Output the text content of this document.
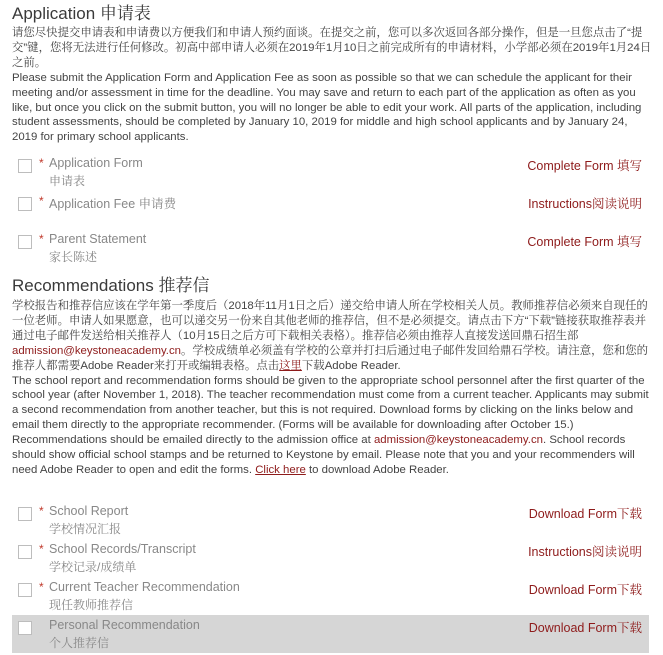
Application 申请表

请您尽快提交申请表和申请费以方便我们和申请人预约面谈。在提交之前，您可以多次返回各部分操作，但是一旦您点击了“提交”键，您将无法进行任何修改。初高中部申请人必须在2019年1月10日之前完成所有的申请材料，小学部必须在2019年1月24日之前。

Please submit the Application Form and Application Fee as soon as possible so that we can schedule the applicant for their meeting and/or assessment in time for the deadline. You may save and return to each part of the application as often as you like, but once you click on the submit button, you will no longer be able to edit your work. All parts of the application, including student assessments, should be completed by January 10, 2019 for middle and high school applicants and by January 24, 2019 for primary school applicants.

* Application Form
申请表
Complete Form 填写
* Application Fee 申请费	Instructions阅读说明
* Parent Statement
家长陈述
Complete Form 填写
Recommendations 推荐信

学校报告和推荐信应该在学年第一季度后（2018年11月1日之后）递交给申请人所在学校相关人员。教师推荐信必须来自现任的一位老师。申请人如果愿意，也可以递交另一份来自其他老师的推荐信，但不是必须提交。请点击下方“下载”链接获取推荐表并通过电子邮件发送给相关推荐人（10月15日之后方可下载相关表格）。推荐信必须由推荐人直接发送回鼎石招生部admission@keystoneacademy.cn。学校成绩单必须盖有学校的公章并打扫后通过电子邮件发回给鼎石学校。请注意，您和您的推荐人都需要Adobe Reader来打开或编辑表格。点击这里下载Adobe Reader.

The school report and recommendation forms should be given to the appropriate school personnel after the first quarter of the school year (after November 1, 2018). The teacher recommendation must come from a current teacher. Applicants may submit a second recommendation from another teacher, but this is not required. Download forms by clicking on the links below and email them directly to the appropriate recommender. (Forms will be available for downloading after October 15.) Recommendations should be emailed directly to the admission office at admission@keystoneacademy.cn. School records should show official school stamps and be returned to Keystone by email. Please note that you and your recommenders will need Adobe Reader to open and edit the forms. Click here to download Adobe Reader.

* School Report
学校情况汇报
Download Form下载
* School Records/Transcript
学校记录/成绩单
Instructions阅读说明
* Current Teacher Recommendation
现任教师推荐信
Download Form下载
Personal Recommendation
个人推荐信
Download Form下载
